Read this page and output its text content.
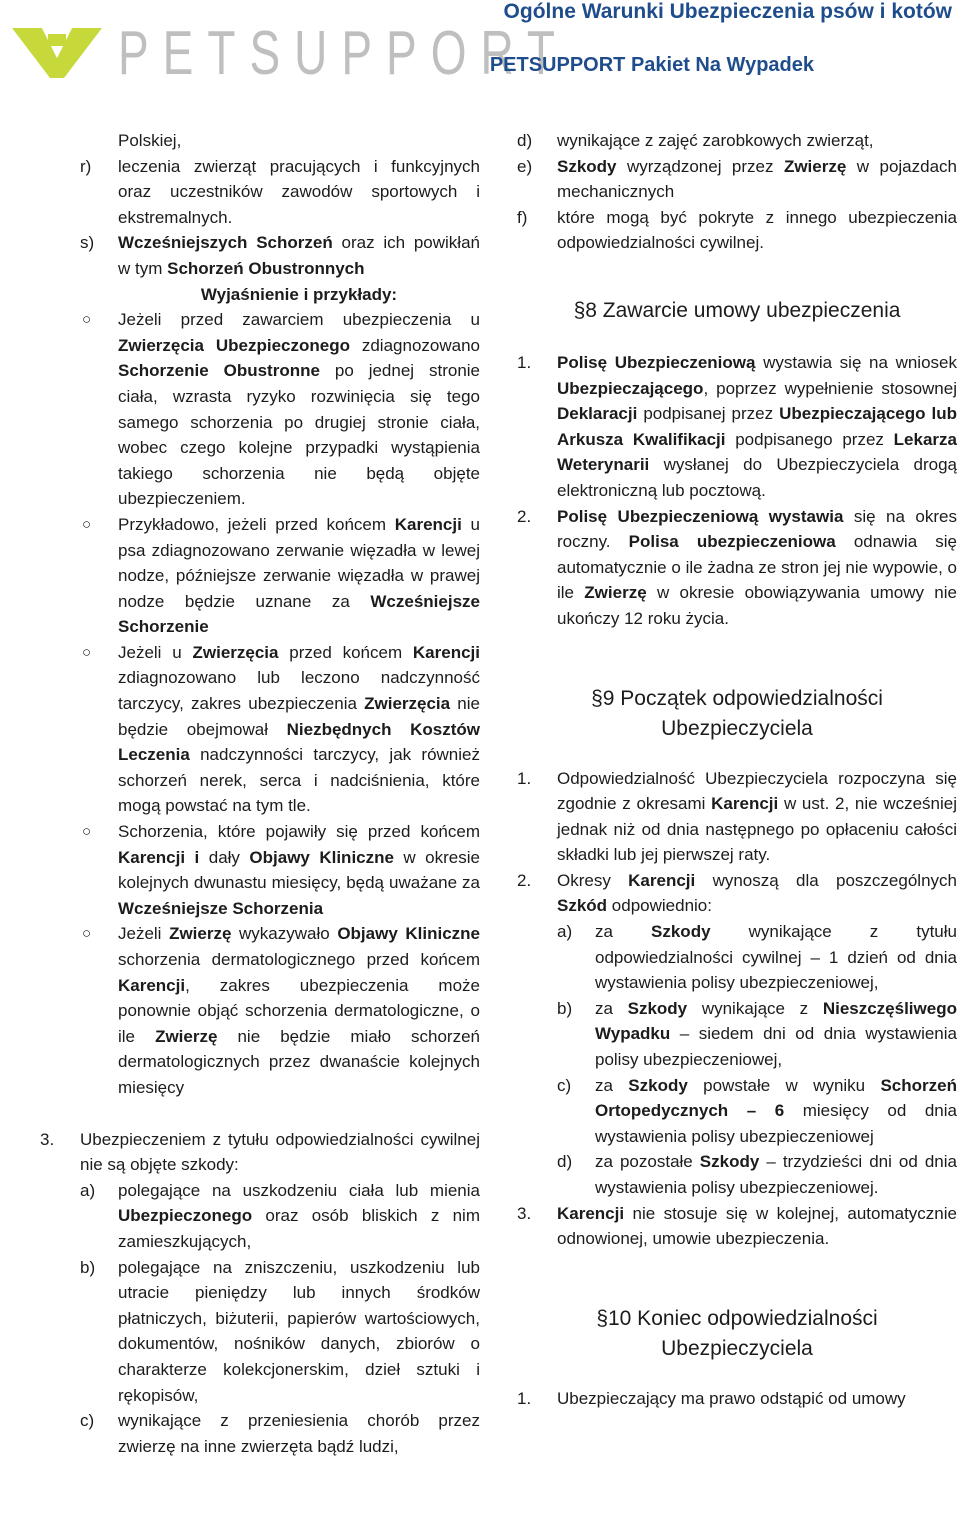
PETSUPPORT
Ogólne Warunki Ubezpieczenia psów i kotów
PETSUPPORT Pakiet Na Wypadek
Polskiej,
r) leczenia zwierząt pracujących i funkcyjnych oraz uczestników zawodów sportowych i ekstremalnych.
s) Wcześniejszych Schorzeń oraz ich powikłań w tym Schorzeń Obustronnych
Wyjaśnienie i przykłady:
○ Jeżeli przed zawarciem ubezpieczenia u Zwierzęcia Ubezpieczonego zdiagnozowano Schorzenie Obustronne po jednej stronie ciała, wzrasta ryzyko rozwinięcia się tego samego schorzenia po drugiej stronie ciała, wobec czego kolejne przypadki wystąpienia takiego schorzenia nie będą objęte ubezpieczeniem.
○ Przykładowo, jeżeli przed końcem Karencji u psa zdiagnozowano zerwanie więzadła w lewej nodze, późniejsze zerwanie więzadła w prawej nodze będzie uznane za Wcześniejsze Schorzenie
○ Jeżeli u Zwierzęcia przed końcem Karencji zdiagnozowano lub leczono nadczynność tarczycy, zakres ubezpieczenia Zwierzęcia nie będzie obejmował Niezbędnych Kosztów Leczenia nadczynności tarczycy, jak również schorzeń nerek, serca i nadciśnienia, które mogą powstać na tym tle.
○ Schorzenia, które pojawiły się przed końcem Karencji i dały Objawy Kliniczne w okresie kolejnych dwunastu miesięcy, będą uważane za Wcześniejsze Schorzenia
○ Jeżeli Zwierzę wykazywało Objawy Kliniczne schorzenia dermatologicznego przed końcem Karencji, zakres ubezpieczenia może ponownie objąć schorzenia dermatologiczne, o ile Zwierzę nie będzie miało schorzeń dermatologicznych przez dwanaście kolejnych miesięcy
3. Ubezpieczeniem z tytułu odpowiedzialności cywilnej nie są objęte szkody:
a) polegające na uszkodzeniu ciała lub mienia Ubezpieczonego oraz osób bliskich z nim zamieszkujących,
b) polegające na zniszczeniu, uszkodzeniu lub utracie pieniędzy lub innych środków płatniczych, biżuterii, papierów wartościowych, dokumentów, nośników danych, zbiorów o charakterze kolekcjonerskim, dzieł sztuki i rękopisów,
c) wynikające z przeniesienia chorób przez zwierzę na inne zwierzęta bądź ludzi,
d) wynikające z zajęć zarobkowych zwierząt,
e) Szkody wyrządzonej przez Zwierzę w pojazdach mechanicznych
f) które mogą być pokryte z innego ubezpieczenia odpowiedzialności cywilnej.
§8 Zawarcie umowy ubezpieczenia
1. Polisę Ubezpieczeniową wystawia się na wniosek Ubezpieczającego, poprzez wypełnienie stosownej Deklaracji podpisanej przez Ubezpieczającego lub Arkusza Kwalifikacji podpisanego przez Lekarza Weterynarii wysłanej do Ubezpieczyciela drogą elektroniczną lub pocztową.
2. Polisę Ubezpieczeniową wystawia się na okres roczny. Polisa ubezpieczeniowa odnawia się automatycznie o ile żadna ze stron jej nie wypowie, o ile Zwierzę w okresie obowiązywania umowy nie ukończy 12 roku życia.
§9 Początek odpowiedzialności
Ubezpieczyciela
1. Odpowiedzialność Ubezpieczyciela rozpoczyna się zgodnie z okresami Karencji w ust. 2, nie wcześniej jednak niż od dnia następnego po opłaceniu całości składki lub jej pierwszej raty.
2. Okresy Karencji wynoszą dla poszczególnych Szkód odpowiednio:
a) za Szkody wynikające z tytułu odpowiedzialności cywilnej – 1 dzień od dnia wystawienia polisy ubezpieczeniowej,
b) za Szkody wynikające z Nieszczęśliwego Wypadku – siedem dni od dnia wystawienia polisy ubezpieczeniowej,
c) za Szkody powstałe w wyniku Schorzeń Ortopedycznych – 6 miesięcy od dnia wystawienia polisy ubezpieczeniowej
d) za pozostałe Szkody – trzydzieści dni od dnia wystawienia polisy ubezpieczeniowej.
3. Karencji nie stosuje się w kolejnej, automatycznie odnowionej, umowie ubezpieczenia.
§10 Koniec odpowiedzialności
Ubezpieczyciela
1. Ubezpieczający ma prawo odstąpić od umowy
